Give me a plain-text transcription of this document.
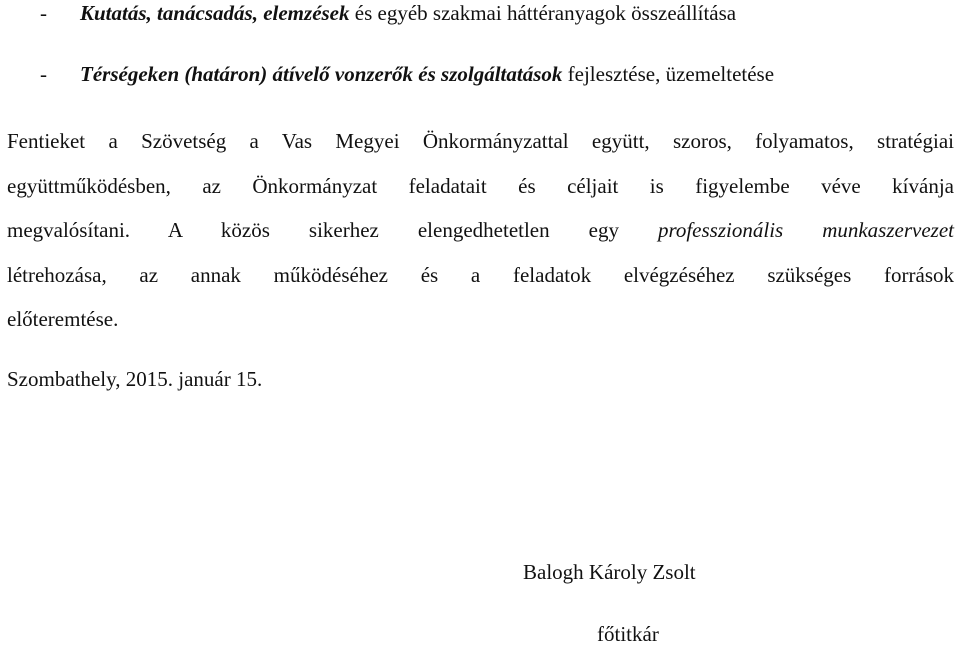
- Kutatás, tanácsadás, elemzések és egyéb szakmai háttéranyagok összeállítása
- Térségeken (határon) átívelő vonzerők és szolgáltatások fejlesztése, üzemeltetése
Fentieket a Szövetség a Vas Megyei Önkormányzattal együtt, szoros, folyamatos, stratégiai
együttműködésben, az Önkormányzat feladatait és céljait is figyelembe véve kívánja
megvalósítani. A közös sikerhez elengedhetetlen egy professzionális munkaszervezet
létrehozása, az annak működéséhez és a feladatok elvégzéséhez szükséges források
előteremtése.
Szombathely, 2015. január 15.
Balogh Károly Zsolt
főtitkár
